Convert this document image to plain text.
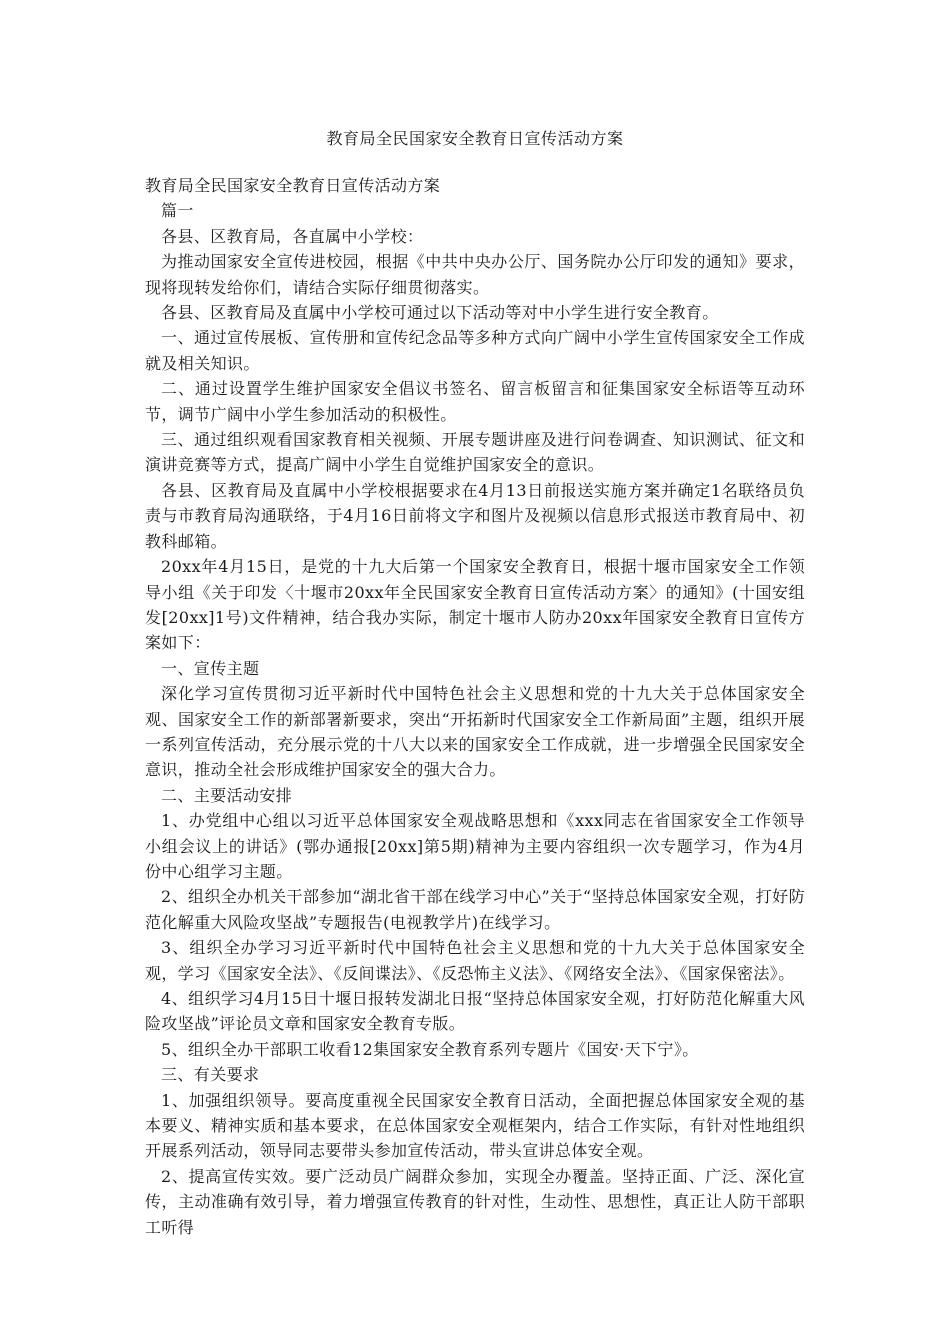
教育局全民国家安全教育日宣传活动方案

教育局全民国家安全教育日宣传活动方案

篇一

各县、区教育局，各直属中小学校：

为推动国家安全宣传进校园，根据《中共中央办公厅、国务院办公厅印发的通知》要求，现将现转发给你们，请结合实际仔细贯彻落实。

各县、区教育局及直属中小学校可通过以下活动等对中小学生进行安全教育。

一、通过宣传展板、宣传册和宣传纪念品等多种方式向广阔中小学生宣传国家安全工作成就及相关知识。

二、通过设置学生维护国家安全倡议书签名、留言板留言和征集国家安全标语等互动环节，调节广阔中小学生参加活动的积极性。

三、通过组织观看国家教育相关视频、开展专题讲座及进行问卷调查、知识测试、征文和演讲竞赛等方式，提高广阔中小学生自觉维护国家安全的意识。

各县、区教育局及直属中小学校根据要求在4月13日前报送实施方案并确定1名联络员负责与市教育局沟通联络，于4月16日前将文字和图片及视频以信息形式报送市教育局中、初教科邮箱。

20xx年4月15日，是党的十九大后第一个国家安全教育日，根据十堰市国家安全工作领导小组《关于印发〈十堰市20xx年全民国家安全教育日宣传活动方案〉的通知》(十国安组发[20xx]1号)文件精神，结合我办实际，制定十堰市人防办20xx年国家安全教育日宣传方案如下：

一、宣传主题

深化学习宣传贯彻习近平新时代中国特色社会主义思想和党的十九大关于总体国家安全观、国家安全工作的新部署新要求，突出“开拓新时代国家安全工作新局面”主题，组织开展一系列宣传活动，充分展示党的十八大以来的国家安全工作成就，进一步增强全民国家安全意识，推动全社会形成维护国家安全的强大合力。

二、主要活动安排

1、办党组中心组以习近平总体国家安全观战略思想和《xxx同志在省国家安全工作领导小组会议上的讲话》(鄂办通报[20xx]第5期)精神为主要内容组织一次专题学习，作为4月份中心组学习主题。

2、组织全办机关干部参加“湖北省干部在线学习中心”关于“坚持总体国家安全观，打好防范化解重大风险攻坚战”专题报告(电视教学片)在线学习。

3、组织全办学习习近平新时代中国特色社会主义思想和党的十九大关于总体国家安全观，学习《国家安全法》、《反间谍法》、《反恐怖主义法》、《网络安全法》、《国家保密法》。

4、组织学习4月15日十堰日报转发湖北日报“坚持总体国家安全观，打好防范化解重大风险攻坚战”评论员文章和国家安全教育专版。

5、组织全办干部职工收看12集国家安全教育系列专题片《国安·天下宁》。

三、有关要求

1、加强组织领导。要高度重视全民国家安全教育日活动，全面把握总体国家安全观的基本要义、精神实质和基本要求，在总体国家安全观框架内，结合工作实际，有针对性地组织开展系列活动，领导同志要带头参加宣传活动，带头宣讲总体安全观。

2、提高宣传实效。要广泛动员广阔群众参加，实现全办覆盖。坚持正面、广泛、深化宣传，主动准确有效引导，着力增强宣传教育的针对性，生动性、思想性，真正让人防干部职工听得
